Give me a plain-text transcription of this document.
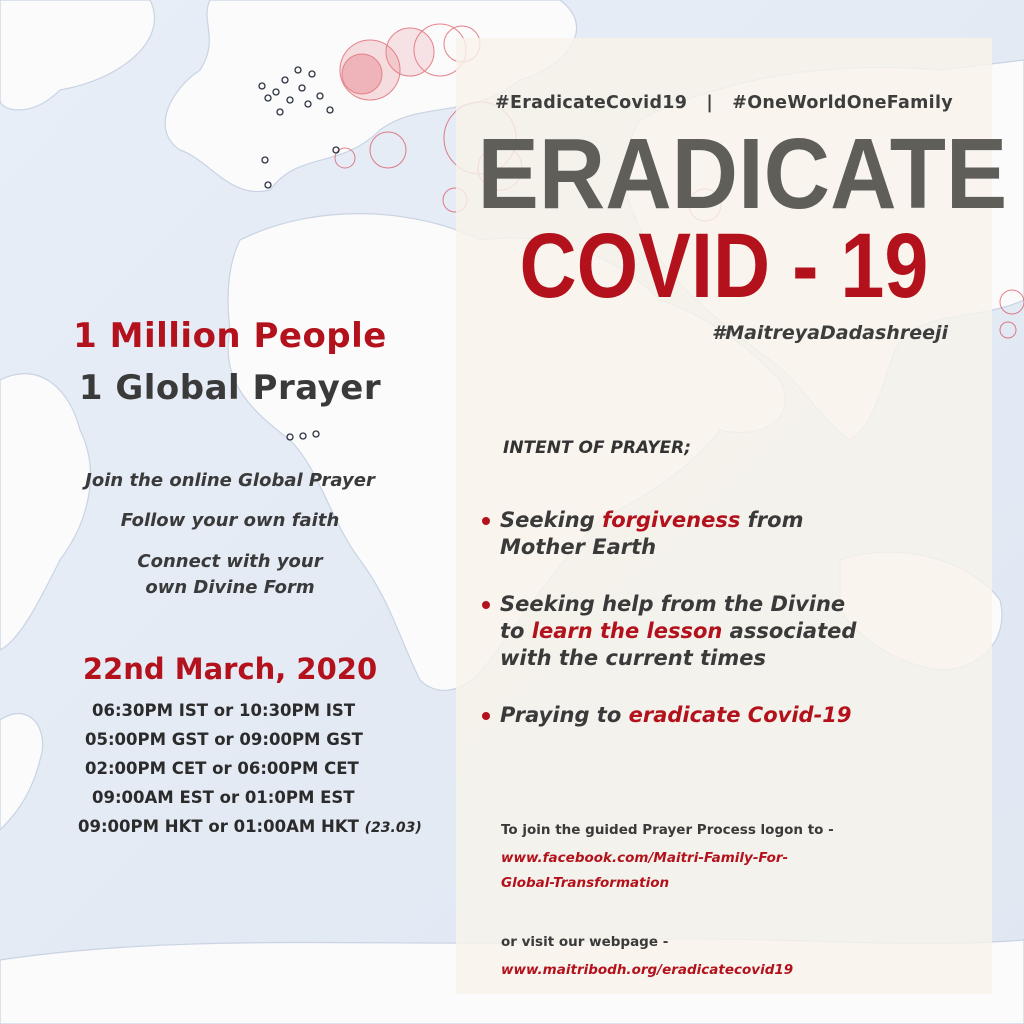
1 Million People
1 Global Prayer
Join the online Global Prayer
Follow your own faith
Connect with your
own Divine Form
22nd March, 2020
06:30PM IST or 10:30PM IST
05:00PM GST or 09:00PM GST
02:00PM CET or 06:00PM CET
09:00AM EST or 01:0PM EST
09:00PM HKT or 01:00AM HKT (23.03)
#EradicateCovid19   |   #OneWorldOneFamily
ERADICATE
COVID - 19
#MaitreyaDadashreeji
INTENT OF PRAYER;
Seeking forgiveness from
Mother Earth
Seeking help from the Divine
to learn the lesson associated
with the current times
Praying to eradicate Covid-19
To join the guided Prayer Process logon to -
www.facebook.com/Maitri-Family-For-
Global-Transformation
or visit our webpage -
www.maitribodh.org/eradicatecovid19
